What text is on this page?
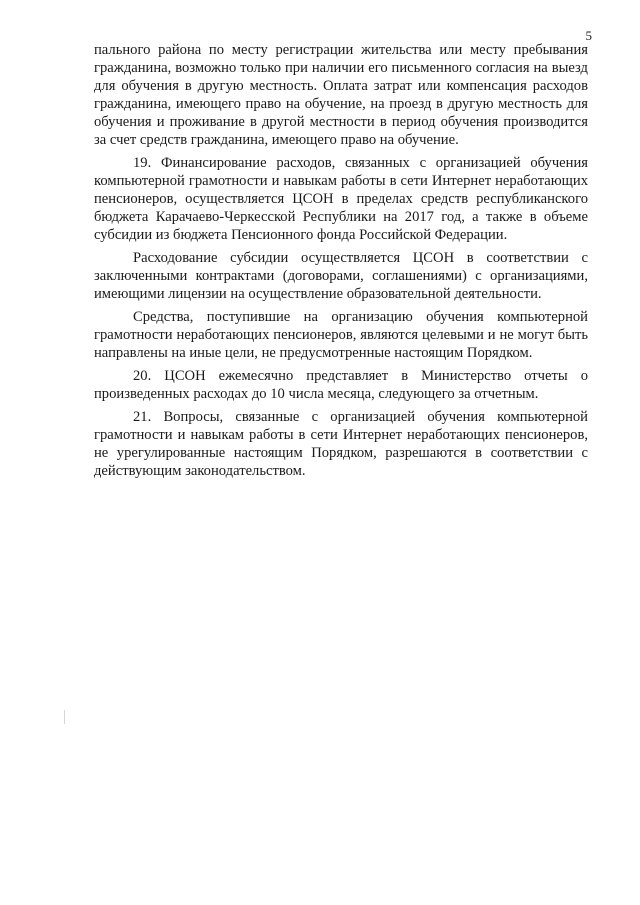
5

пального района по месту регистрации жительства или месту пребывания гражданина, возможно только при наличии его письменного согласия на выезд для обучения в другую местность. Оплата затрат или компенсация расходов гражданина, имеющего право на обучение, на проезд в другую местность для обучения и проживание в другой местности в период обучения производится за счет средств гражданина, имеющего право на обучение.

19. Финансирование расходов, связанных с организацией обучения компьютерной грамотности и навыкам работы в сети Интернет неработающих пенсионеров, осуществляется ЦСОН в пределах средств республиканского бюджета Карачаево-Черкесской Республики на 2017 год, а также в объеме субсидии из бюджета Пенсионного фонда Российской Федерации.

Расходование субсидии осуществляется ЦСОН в соответствии с заключенными контрактами (договорами, соглашениями) с организациями, имеющими лицензии на осуществление образовательной деятельности.

Средства, поступившие на организацию обучения компьютерной грамотности неработающих пенсионеров, являются целевыми и не могут быть направлены на иные цели, не предусмотренные настоящим Порядком.

20. ЦСОН ежемесячно представляет в Министерство отчеты о произведенных расходах до 10 числа месяца, следующего за отчетным.

21. Вопросы, связанные с организацией обучения компьютерной грамотности и навыкам работы в сети Интернет неработающих пенсионеров, не урегулированные настоящим Порядком, разрешаются в соответствии с действующим законодательством.
